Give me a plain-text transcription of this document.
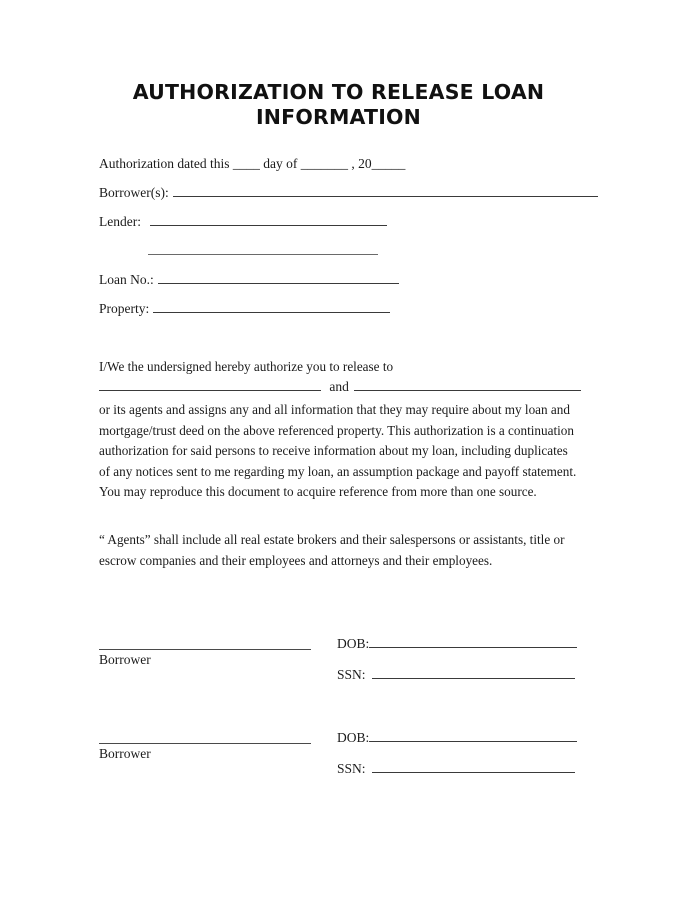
AUTHORIZATION TO RELEASE LOAN
INFORMATION
Authorization dated this ____ day of _______ , 20_____
Borrower(s):
Lender:
Loan No.:
Property:
I/We the undersigned hereby authorize you to release to
and
or its agents and assigns any and all information that they may require about my loan and mortgage/trust deed on the above referenced property. This authorization is a continuation authorization for said persons to receive information about my loan, including duplicates of any notices sent to me regarding my loan, an assumption package and payoff statement. You may reproduce this document to acquire reference from more than one source.
“ Agents” shall include all real estate brokers and their salespersons or assistants, title or escrow companies and their employees and attorneys and their employees.
Borrower
DOB:
SSN:
Borrower
DOB:
SSN:
